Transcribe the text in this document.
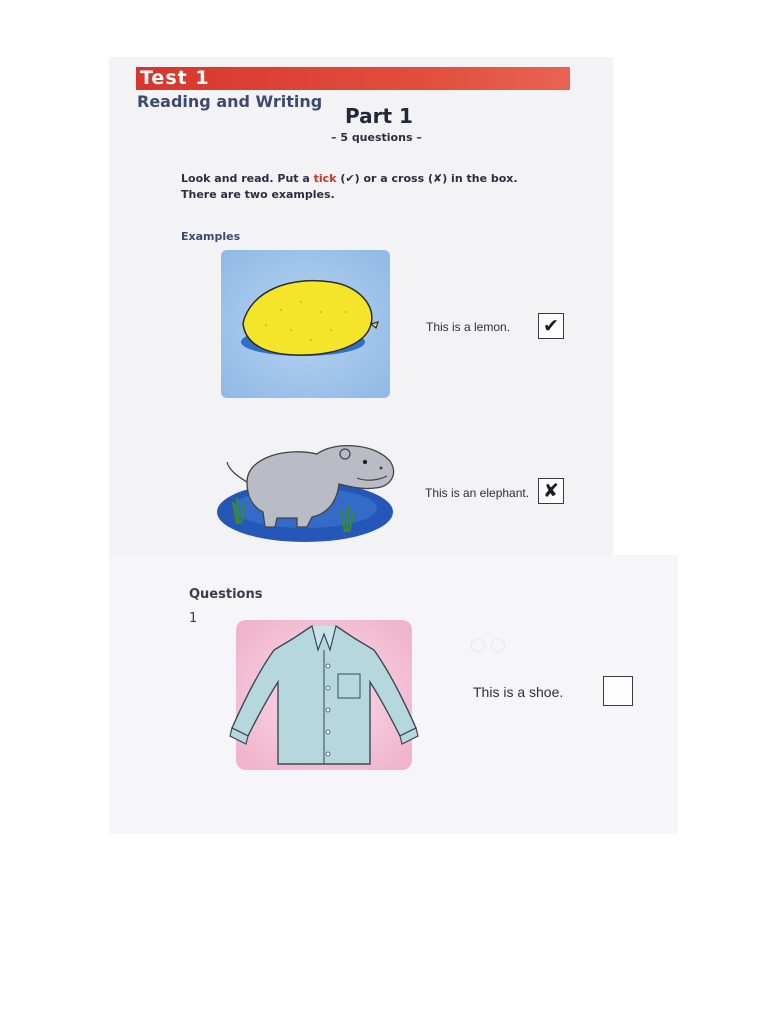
Test 1
Reading and Writing
Part 1
– 5 questions –
Look and read. Put a tick (✔) or a cross (✘) in the box.
There are two examples.
Examples
This is a lemon. ✔
This is an elephant. ✘
Questions
1
◯ ◯
This is a shoe.
